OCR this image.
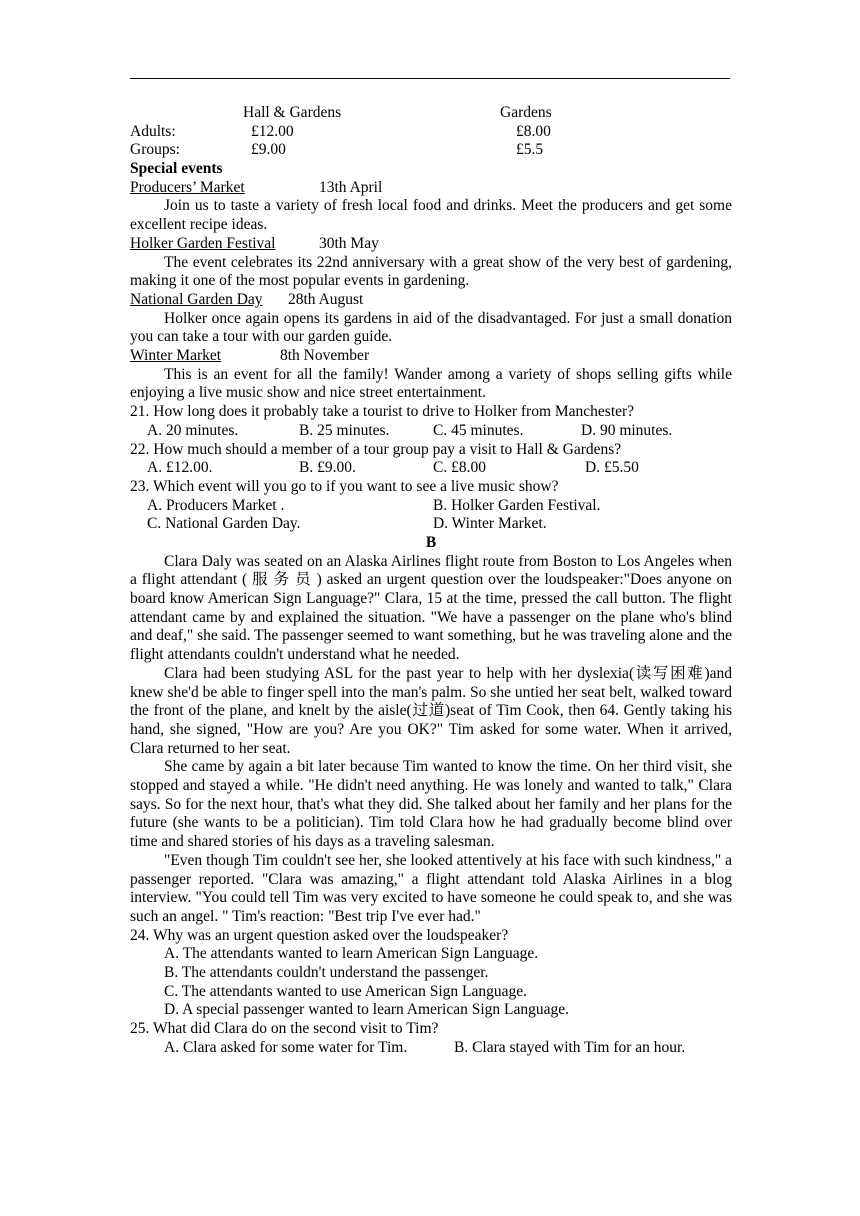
Hall & Gardens	Gardens
Adults:	£12.00	£8.00
Groups:	£9.00	£5.5
Special events
Producers’ Market	13th April

Join us to taste a variety of fresh local food and drinks. Meet the producers and get some excellent recipe ideas.

Holker Garden Festival	30th May

The event celebrates its 22nd anniversary with a great show of the very best of gardening, making it one of the most popular events in gardening.

National Garden Day 28th August

Holker once again opens its gardens in aid of the disadvantaged. For just a small donation you can take a tour with our garden guide.

Winter Market	8th November

This is an event for all the family! Wander among a variety of shops selling gifts while enjoying a live music show and nice street entertainment.

21. How long does it probably take a tourist to drive to Holker from Manchester?
A. 20 minutes.	B. 25 minutes.	C. 45 minutes.	D. 90 minutes.
22. How much should a member of a tour group pay a visit to Hall & Gardens?
A. £12.00.	B. £9.00.	C. £8.00	D. £5.50
23. Which event will you go to if you want to see a live music show?
A. Producers Market .	B. Holker Garden Festival.
C. National Garden Day.	D. Winter Market.
B

Clara Daly was seated on an Alaska Airlines flight route from Boston to Los Angeles when a flight attendant ( 服 务 员 ) asked an urgent question over the loudspeaker:"Does anyone on board know American Sign Language?" Clara, 15 at the time, pressed the call button. The flight attendant came by and explained the situation. "We have a passenger on the plane who's blind and deaf," she said. The passenger seemed to want something, but he was traveling alone and the flight attendants couldn't understand what he needed.

Clara had been studying ASL for the past year to help with her dyslexia(读写困难)and knew she'd be able to finger spell into the man's palm. So she untied her seat belt, walked toward the front of the plane, and knelt by the aisle(过道)seat of Tim Cook, then 64. Gently taking his hand, she signed, "How are you? Are you OK?" Tim asked for some water. When it arrived, Clara returned to her seat.

She came by again a bit later because Tim wanted to know the time. On her third visit, she stopped and stayed a while. "He didn't need anything. He was lonely and wanted to talk," Clara says. So for the next hour, that's what they did. She talked about her family and her plans for the future (she wants to be a politician). Tim told Clara how he had gradually become blind over time and shared stories of his days as a traveling salesman.

"Even though Tim couldn't see her, she looked attentively at his face with such kindness," a passenger reported. "Clara was amazing," a flight attendant told Alaska Airlines in a blog interview. "You could tell Tim was very excited to have someone he could speak to, and she was such an angel. " Tim's reaction: "Best trip I've ever had."

24. Why was an urgent question asked over the loudspeaker?
A. The attendants wanted to learn American Sign Language.
B. The attendants couldn't understand the passenger.
C. The attendants wanted to use American Sign Language.
D. A special passenger wanted to learn American Sign Language.
25. What did Clara do on the second visit to Tim?
A. Clara asked for some water for Tim.	B. Clara stayed with Tim for an hour.
